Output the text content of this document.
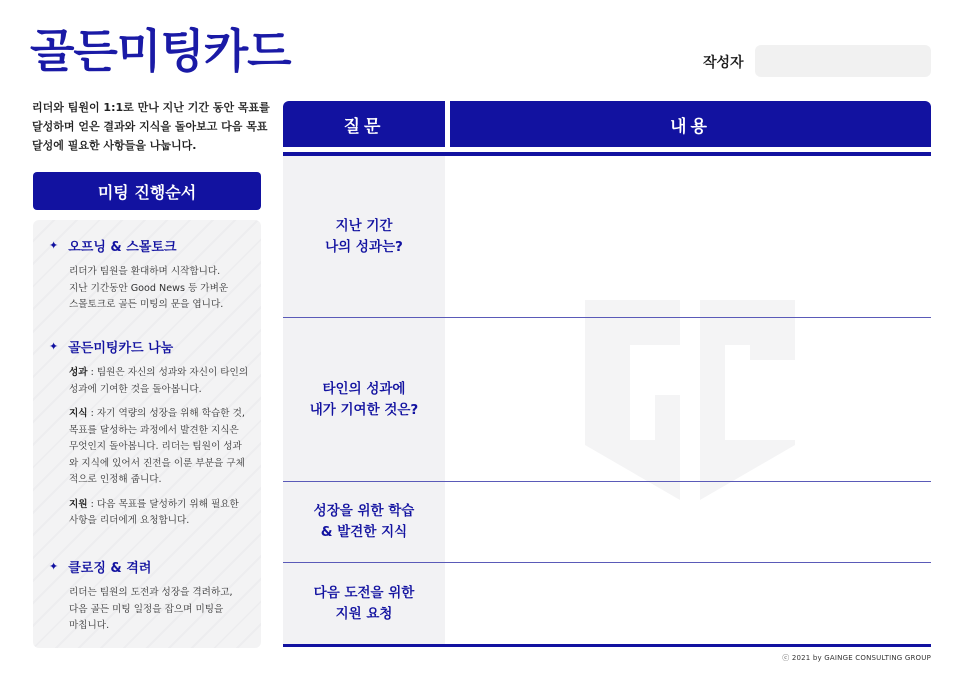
골든미팅카드	작성자
리더와 팀원이 1:1로 만나 지난 기간 동안 목표를 달성하며 얻은 결과와 지식을 돌아보고 다음 목표 달성에 필요한 사항들을 나눕니다.
미팅 진행순서
✦ 오프닝 & 스몰토크
리더가 팀원을 환대하며 시작합니다.
지난 기간동안 Good News 등 가벼운
스몰토크로 골든 미팅의 문을 엽니다.
✦ 골든미팅카드 나눔
성과 : 팀원은 자신의 성과와 자신이 타인의 성과에 기여한 것을 돌아봅니다.
지식 : 자기 역량의 성장을 위해 학습한 것, 목표를 달성하는 과정에서 발견한 지식은 무엇인지 돌아봅니다. 리더는 팀원이 성과와 지식에 있어서 진전을 이룬 부분을 구체적으로 인정해 줍니다.
지원 : 다음 목표를 달성하기 위해 필요한 사항을 리더에게 요청합니다.
✦ 클로징 & 격려
리더는 팀원의 도전과 성장을 격려하고,
다음 골든 미팅 일정을 잡으며 미팅을
마칩니다.
질문	내용
지난 기간
나의 성과는?
타인의 성과에
내가 기여한 것은?
성장을 위한 학습
& 발견한 지식
다음 도전을 위한
지원 요청
ⓒ 2021 by GAINGE CONSULTING GROUP
